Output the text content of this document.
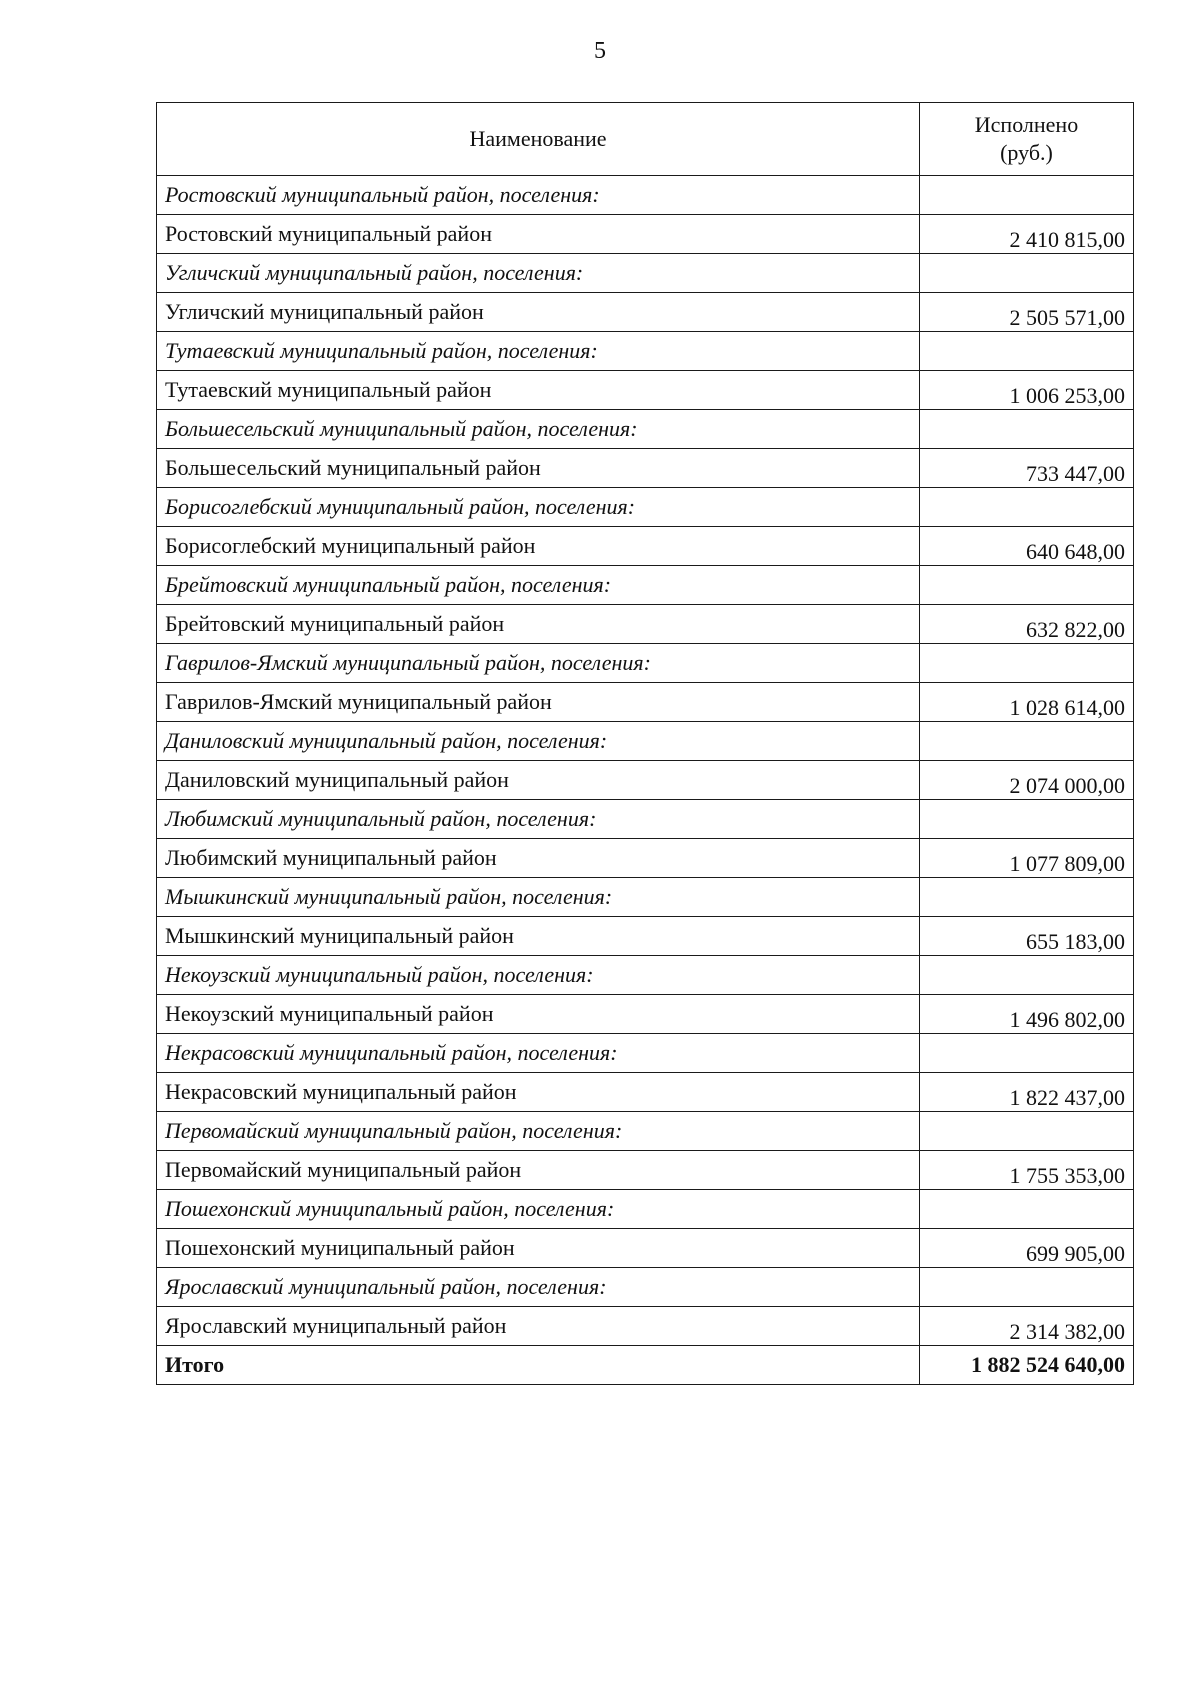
5
Наименование	Исполнено
(руб.)
Ростовский муниципальный район, поселения:	
Ростовский муниципальный район	2 410 815,00
Угличский муниципальный район, поселения:	
Угличский муниципальный район	2 505 571,00
Тутаевский муниципальный район, поселения:	
Тутаевский муниципальный район	1 006 253,00
Большесельский муниципальный район, поселения:	
Большесельский муниципальный район	733 447,00
Борисоглебский муниципальный район, поселения:	
Борисоглебский муниципальный район	640 648,00
Брейтовский муниципальный район, поселения:	
Брейтовский муниципальный район	632 822,00
Гаврилов-Ямский муниципальный район, поселения:	
Гаврилов-Ямский муниципальный район	1 028 614,00
Даниловский муниципальный район, поселения:	
Даниловский муниципальный район	2 074 000,00
Любимский муниципальный район, поселения:	
Любимский муниципальный район	1 077 809,00
Мышкинский муниципальный район, поселения:	
Мышкинский муниципальный район	655 183,00
Некоузский муниципальный район, поселения:	
Некоузский муниципальный район	1 496 802,00
Некрасовский муниципальный район, поселения:	
Некрасовский муниципальный район	1 822 437,00
Первомайский муниципальный район, поселения:	
Первомайский муниципальный район	1 755 353,00
Пошехонский муниципальный район, поселения:	
Пошехонский муниципальный район	699 905,00
Ярославский муниципальный район, поселения:	
Ярославский муниципальный район	2 314 382,00
Итого	1 882 524 640,00
